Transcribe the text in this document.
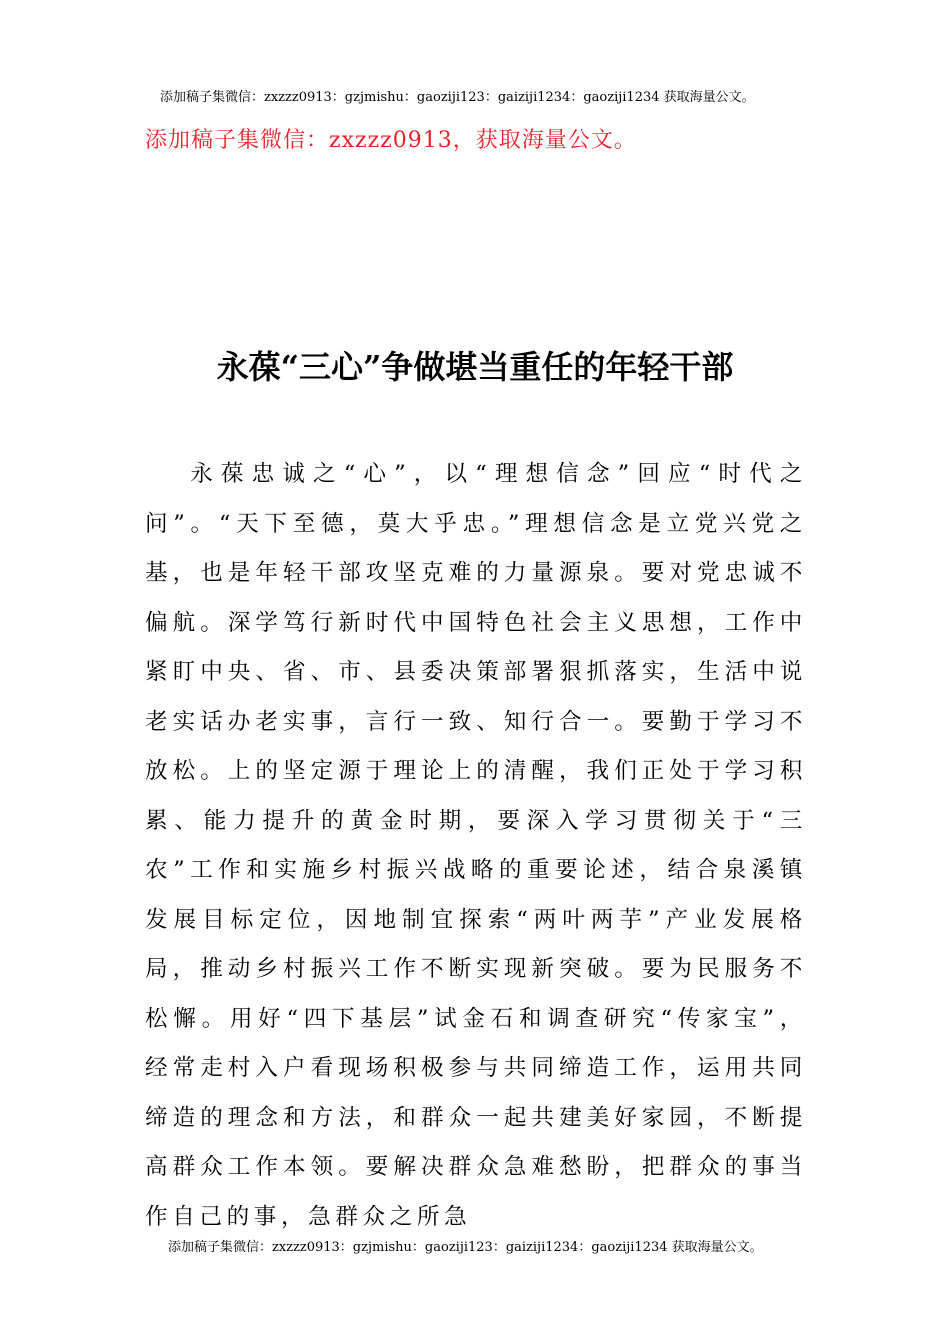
添加稿子集微信：zxzzz0913：gzjmishu：gaoziji123：gaiziji1234：gaoziji1234 获取海量公文。
添加稿子集微信：zxzzz0913，获取海量公文。
永葆“三心”争做堪当重任的年轻干部

永葆忠诚之“心”，以“理想信念”回应“时代之问”。“天下至德，莫大乎忠。”理想信念是立党兴党之基，也是年轻干部攻坚克难的力量源泉。要对党忠诚不偏航。深学笃行新时代中国特色社会主义思想，工作中紧盯中央、省、市、县委决策部署狠抓落实，生活中说老实话办老实事，言行一致、知行合一。要勤于学习不放松。上的坚定源于理论上的清醒，我们正处于学习积累、能力提升的黄金时期，要深入学习贯彻关于“三农”工作和实施乡村振兴战略的重要论述，结合泉溪镇发展目标定位，因地制宜探索“两叶两芋”产业发展格局，推动乡村振兴工作不断实现新突破。要为民服务不松懈。用好“四下基层”试金石和调查研究“传家宝”，经常走村入户看现场积极参与共同缔造工作，运用共同缔造的理念和方法，和群众一起共建美好家园，不断提高群众工作本领。要解决群众急难愁盼，把群众的事当作自己的事，急群众之所急

添加稿子集微信：zxzzz0913：gzjmishu：gaoziji123：gaiziji1234：gaoziji1234 获取海量公文。
